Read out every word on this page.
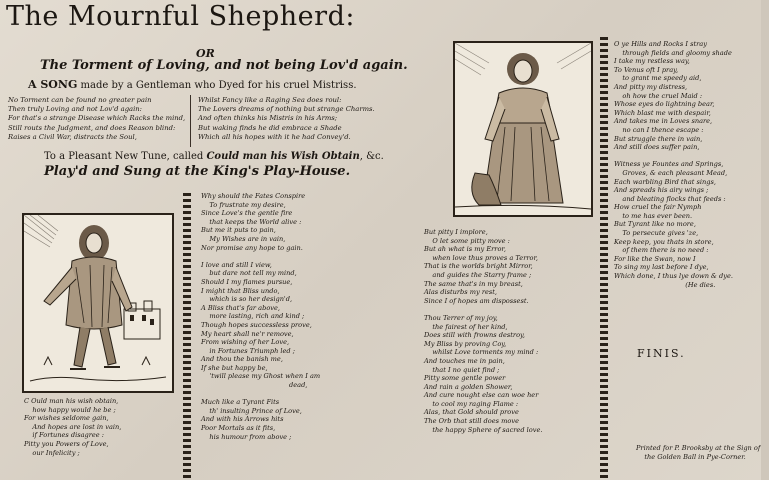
The Mournful Shepherd:
OR
The Torment of Loving, and not being Lov'd again.
A SONG made by a Gentleman who Dyed for his cruel Mistriss.
No Torment can be found no greater pain
Then truly Loving and not Lov'd again:
For that's a strange Disease which Racks the mind,
Still routs the Judgment, and does Reason blind:
Raises a Civil War, distracts the Soul,
Whilst Fancy like a Raging Sea does roul:
The Lovers dreams of nothing but strange Charms.
And often thinks his Mistris in his Arms;
But waking finds he did embrace a Shade
Which all his hopes with it he had Convey'd.
To a Pleasant New Tune, called Could man his Wish Obtain, &c.
Play'd and Sung at the King's Play-House.
C Ould man his wish obtain,
how happy would he be ;
For wishes seldome gain,
And hopes are lost in vain,
if Fortunes disagree :
Pitty you Powers of Love,
our Infelicity ;
Why should the Fates Conspire
To frustrate my desire,
Since Love's the gentle fire
that keeps the World alive :
But me it puts to pain,
My Wishes are in vain,
Nor promise any hope to gain.

I love and still I view,
but dare not tell my mind,
Should I my flames pursue,
I might that Bliss undo,
which is so her design'd,
A Bliss that's far above,
more lasting, rich and kind ;
Though hopes successless prove,
My heart shall ne'r remove,
From wishing of her Love,
in Fortunes Triumph led ;
And thou the banish me,
If she but happy be,
'twill please my Ghost when I am
dead,

Much like a Tyrant Fits
th' insulting Prince of Love,
And with his Arrows hits
Poor Mortals as it fits,
his humour from above ;
But pitty I implore,
O let some pitty move :
But ah what is my Error,
when love thus proves a Terror,
That is the worlds bright Mirror,
and guides the Starry frame ;
The same that's in my breast,
Alas disturbs my rest,
Since I of hopes am dispossest.

Thou Terrer of my joy,
the fairest of her kind,
Does still with frowns destroy,
My Bliss by proving Coy,
whilst Love torments my mind :
And touches me in pain,
that I no quiet find ;
Pitty some gentle power
And rain a golden Shower,
And cure nought else can woe her
to cool my raging Flame :
Alas, that Gold should prove
The Orb that still does move
the happy Sphere of sacred love.
O ye Hills and Rocks I stray
through fields and gloomy shade
I take my restless way,
To Venus oft I pray,
to grant me speedy aid,
And pitty my distress,
oh how the cruel Maid :
Whose eyes do lightning bear,
Which blast me with despair,
And takes me in Loves snare,
no can I thence escape :
But struggle there in vain,
And still does suffer pain,

Witness ye Fountes and Springs,
Groves, & each pleasant Mead,
Each warbling Bird that sings,
And spreads his airy wings ;
and bleating flocks that feeds :
How cruel the fair Nymph
to me has ever been.
But Tyrant like no more,
To persecute gives 'ze,
Keep keep, you thats in store,
of them there is no need :
For like the Swan, now I
To sing my last before I dye,
Which done, I thus lye down & dye.
(He dies.
FINIS.
Printed for P. Brooksby at the Sign of
the Golden Ball in Pye-Corner.
